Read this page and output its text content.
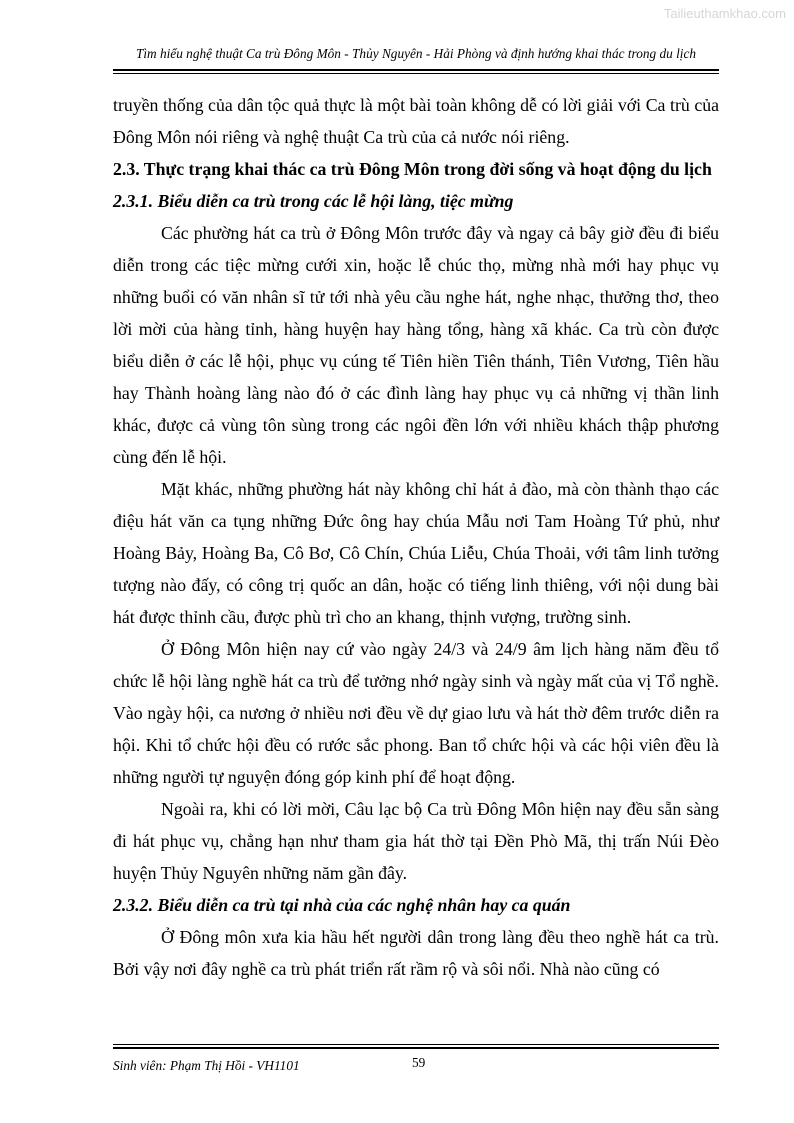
Tailieuthamkhao.com
Tìm hiểu nghệ thuật Ca trù Đông Môn - Thủy Nguyên - Hải Phòng và định hướng khai thác trong du lịch

truyền thống của dân tộc quả thực là một bài toàn không dễ có lời giải với Ca trù của Đông Môn nói riêng và nghệ thuật Ca trù của cả nước nói riêng.

2.3. Thực trạng khai thác ca trù Đông Môn trong đời sống và hoạt động du lịch
2.3.1. Biểu diễn ca trù trong các lễ hội làng, tiệc mừng

Các phường hát ca trù ở Đông Môn trước đây và ngay cả bây giờ đều đi biểu diễn trong các tiệc mừng cưới xin, hoặc lễ chúc thọ, mừng nhà mới hay phục vụ những buổi có văn nhân sĩ tử tới nhà yêu cầu nghe hát, nghe nhạc, thưởng thơ, theo lời mời của hàng tỉnh, hàng huyện hay hàng tổng, hàng xã khác. Ca trù còn được biểu diễn ở các lễ hội, phục vụ cúng tế Tiên hiền Tiên thánh, Tiên Vương, Tiên hầu hay Thành hoàng làng nào đó ở các đình làng hay phục vụ cả những vị thần linh khác, được cả vùng tôn sùng trong các ngôi đền lớn với nhiều khách thập phương cùng đến lễ hội.

Mặt khác, những phường hát này không chỉ hát ả đào, mà còn thành thạo các điệu hát văn ca tụng những Đức ông hay chúa Mẫu nơi Tam Hoàng Tứ phủ, như Hoàng Bảy, Hoàng Ba, Cô Bơ, Cô Chín, Chúa Liễu, Chúa Thoải, với tâm linh tưởng tượng nào đấy, có công trị quốc an dân, hoặc có tiếng linh thiêng, với nội dung bài hát được thỉnh cầu, được phù trì cho an khang, thịnh vượng, trường sinh.

Ở Đông Môn hiện nay cứ vào ngày 24/3 và 24/9 âm lịch hàng năm đều tổ chức lễ hội làng nghề hát ca trù để tưởng nhớ ngày sinh và ngày mất của vị Tổ nghề. Vào ngày hội, ca nương ở nhiều nơi đều về dự giao lưu và hát thờ đêm trước diễn ra hội. Khi tổ chức hội đều có rước sắc phong. Ban tổ chức hội và các hội viên đều là những người tự nguyện đóng góp kinh phí để hoạt động.

Ngoài ra, khi có lời mời, Câu lạc bộ Ca trù Đông Môn hiện nay đều sẵn sàng đi hát phục vụ, chẳng hạn như tham gia hát thờ tại Đền Phò Mã, thị trấn Núi Đèo huyện Thủy Nguyên những năm gần đây.

2.3.2. Biểu diễn ca trù tại nhà của các nghệ nhân hay ca quán

Ở Đông môn xưa kia hầu hết người dân trong làng đều theo nghề hát ca trù. Bởi vậy nơi đây nghề ca trù phát triển rất rầm rộ và sôi nổi. Nhà nào cũng có

Sinh viên: Phạm Thị Hồi - VH1101	59
